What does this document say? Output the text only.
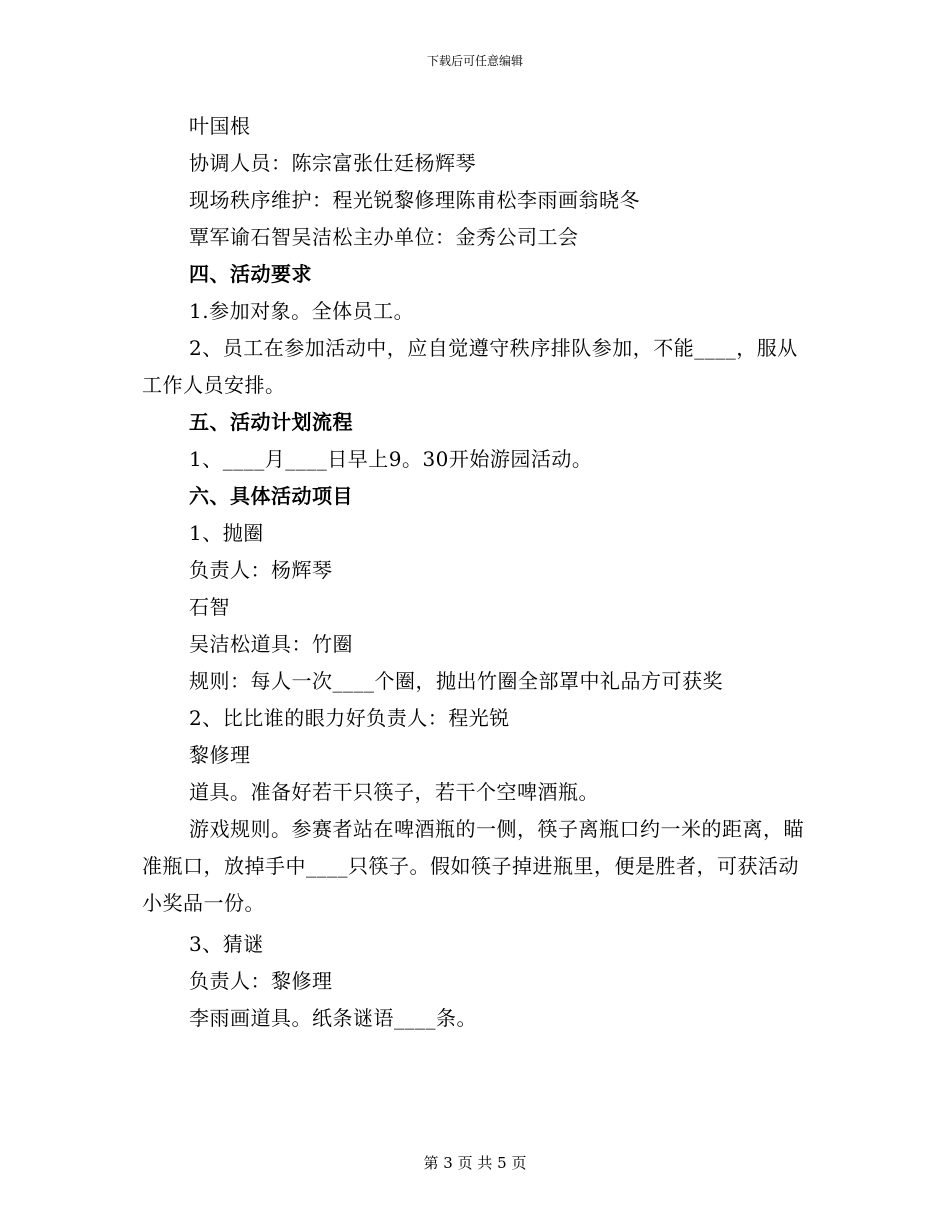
下载后可任意编辑

叶国根

协调人员：陈宗富张仕廷杨辉琴

现场秩序维护：程光锐黎修理陈甫松李雨画翁晓冬

覃军谕石智吴洁松主办单位：金秀公司工会

四、活动要求

1.参加对象。全体员工。

2、员工在参加活动中，应自觉遵守秩序排队参加，不能____，服从工作人员安排。

五、活动计划流程

1、____月____日早上9。30开始游园活动。

六、具体活动项目

1、抛圈

负责人：杨辉琴

石智

吴洁松道具：竹圈

规则：每人一次____个圈，抛出竹圈全部罩中礼品方可获奖

2、比比谁的眼力好负责人：程光锐

黎修理

道具。准备好若干只筷子，若干个空啤酒瓶。

游戏规则。参赛者站在啤酒瓶的一侧，筷子离瓶口约一米的距离，瞄准瓶口，放掉手中____只筷子。假如筷子掉进瓶里，便是胜者，可获活动小奖品一份。

3、猜谜

负责人：黎修理

李雨画道具。纸条谜语____条。

第 3 页 共 5 页
